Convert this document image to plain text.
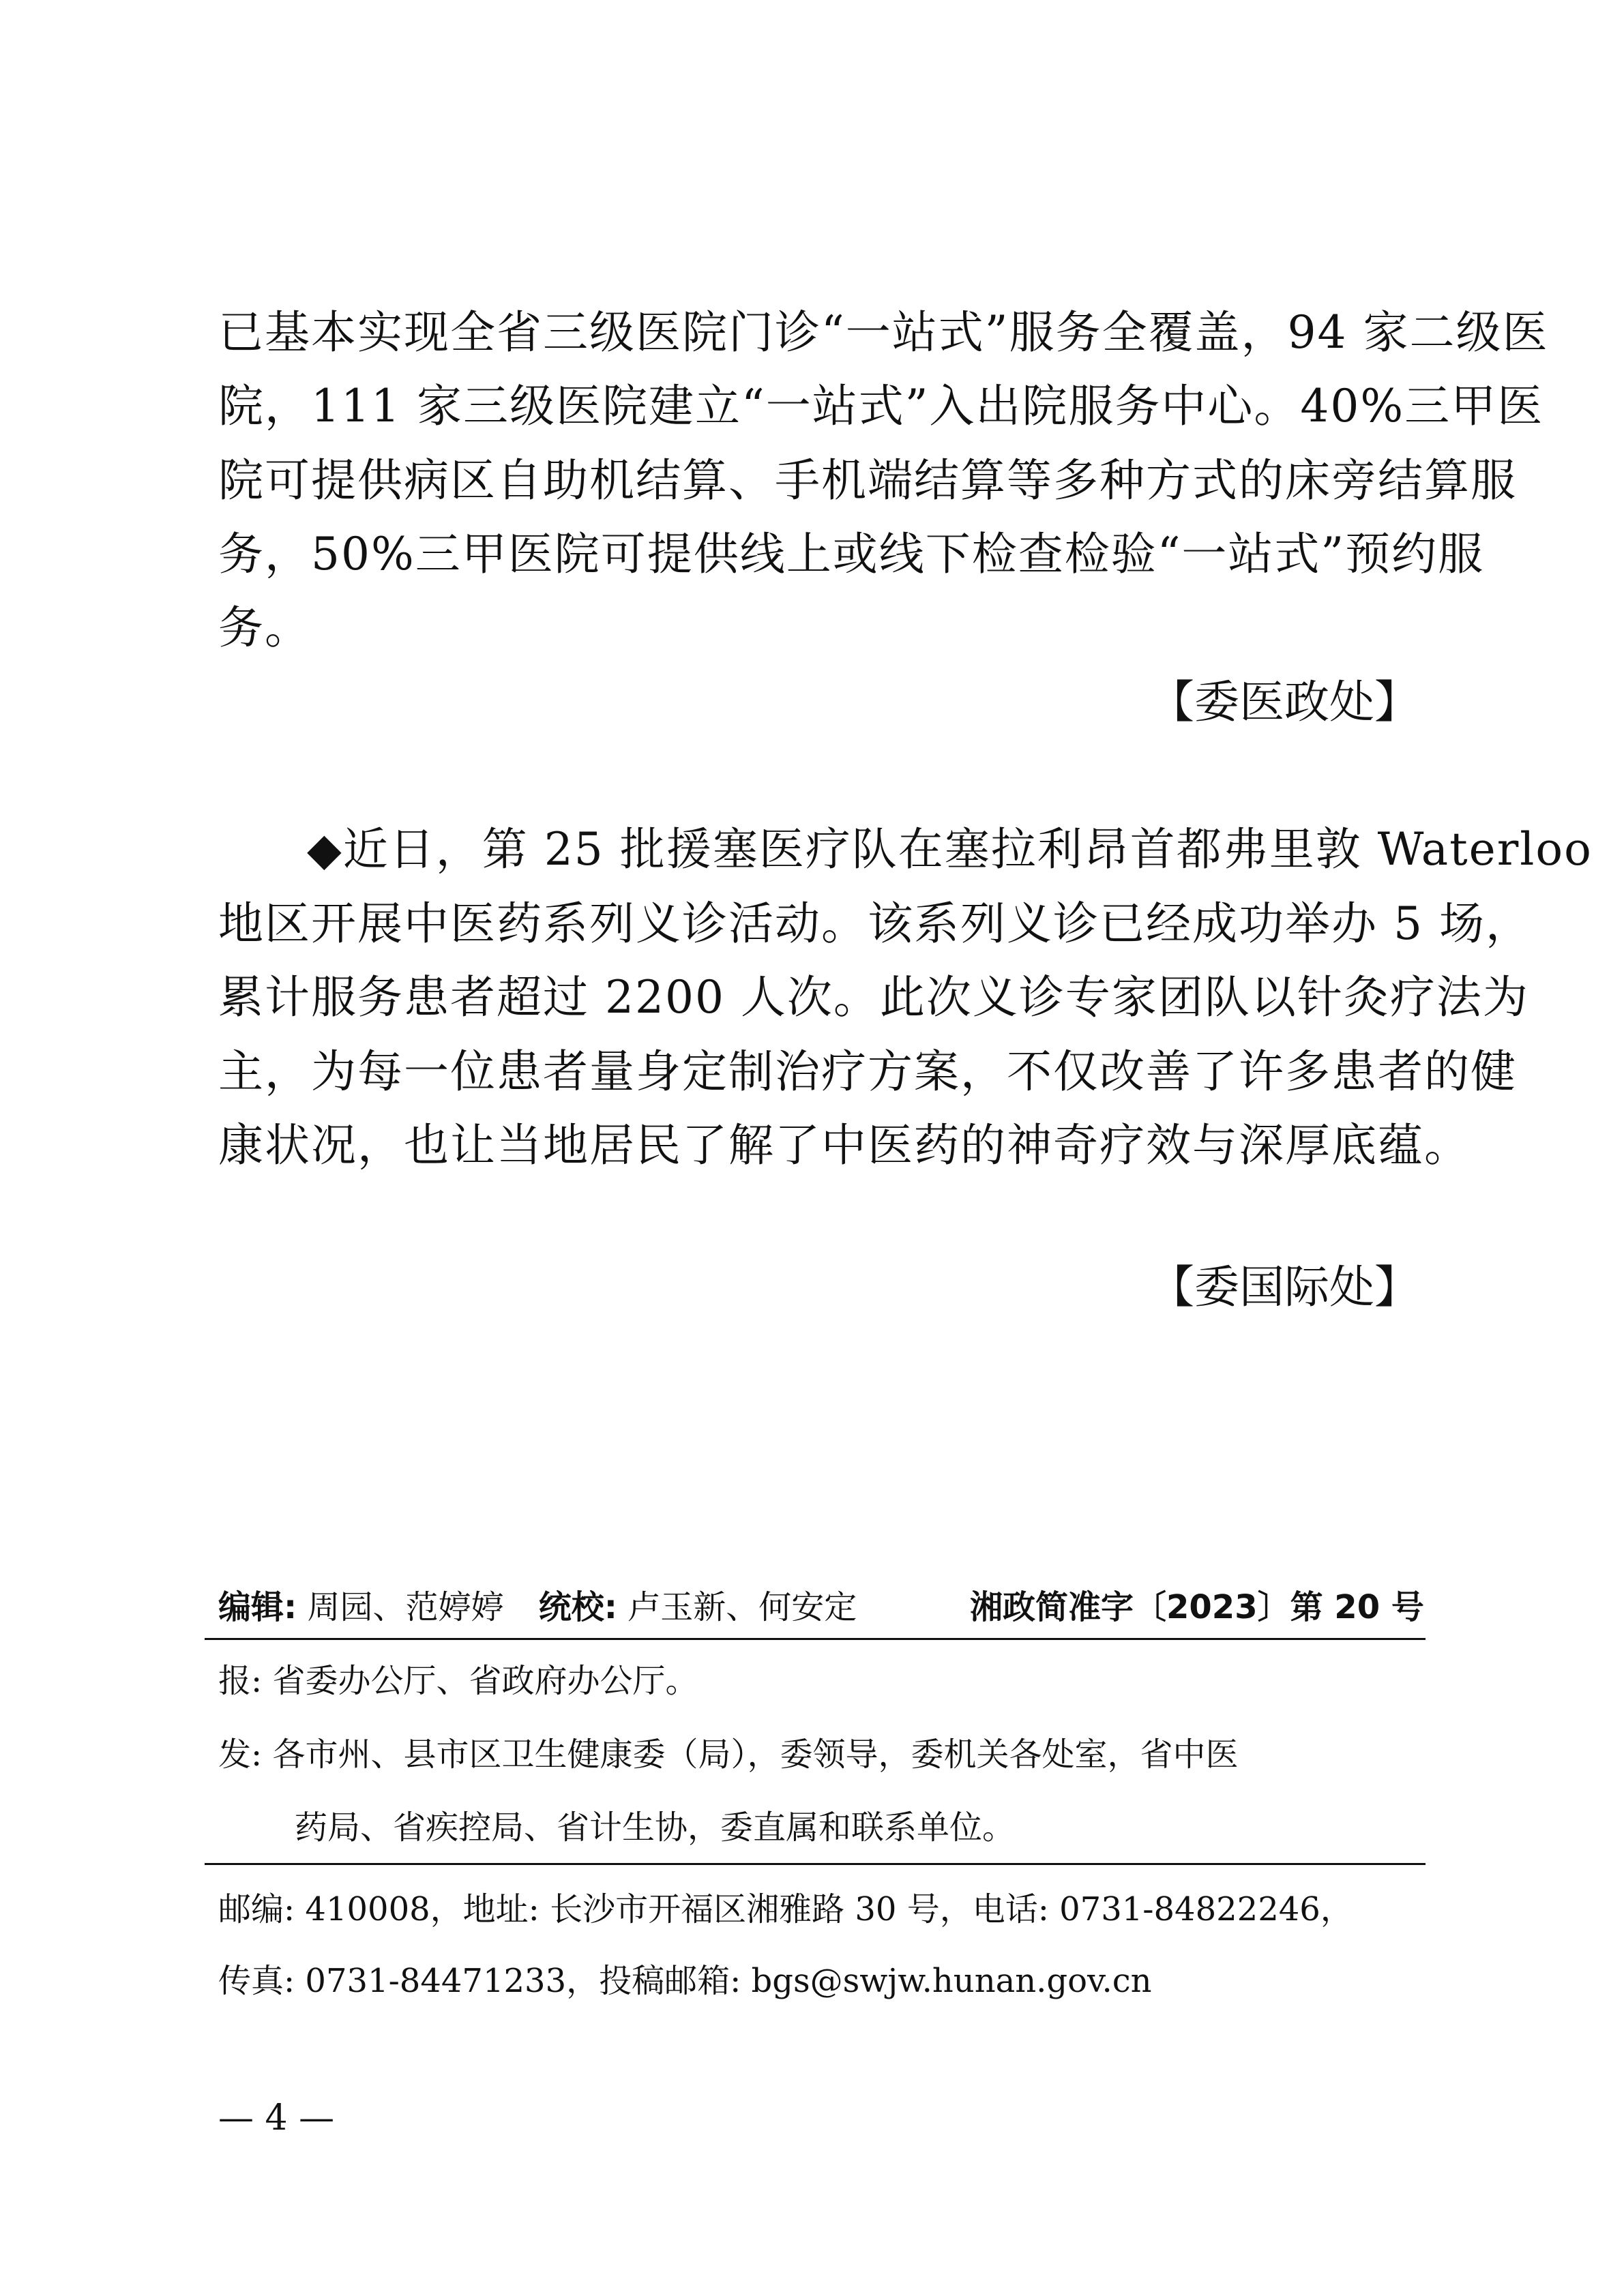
已基本实现全省三级医院门诊“一站式”服务全覆盖，94 家二级医
院，111 家三级医院建立“一站式”入出院服务中心。40%三甲医
院可提供病区自助机结算、手机端结算等多种方式的床旁结算服
务，50%三甲医院可提供线上或线下检查检验“一站式”预约服
务。
【委医政处】
◆近日，第 25 批援塞医疗队在塞拉利昂首都弗里敦 Waterloo
地区开展中医药系列义诊活动。该系列义诊已经成功举办 5 场，
累计服务患者超过 2200 人次。此次义诊专家团队以针灸疗法为
主，为每一位患者量身定制治疗方案，不仅改善了许多患者的健
康状况，也让当地居民了解了中医药的神奇疗效与深厚底蕴。
【委国际处】
编辑: 周园、范婷婷 统校: 卢玉新、何安定	湘政简准字〔2023〕第 20 号
报: 省委办公厅、省政府办公厅。
发: 各市州、县市区卫生健康委（局），委领导，委机关各处室，省中医
药局、省疾控局、省计生协，委直属和联系单位。
邮编: 410008，地址: 长沙市开福区湘雅路 30 号，电话: 0731-84822246，
传真: 0731-84471233，投稿邮箱: bgs@swjw.hunan.gov.cn
— 4 —
